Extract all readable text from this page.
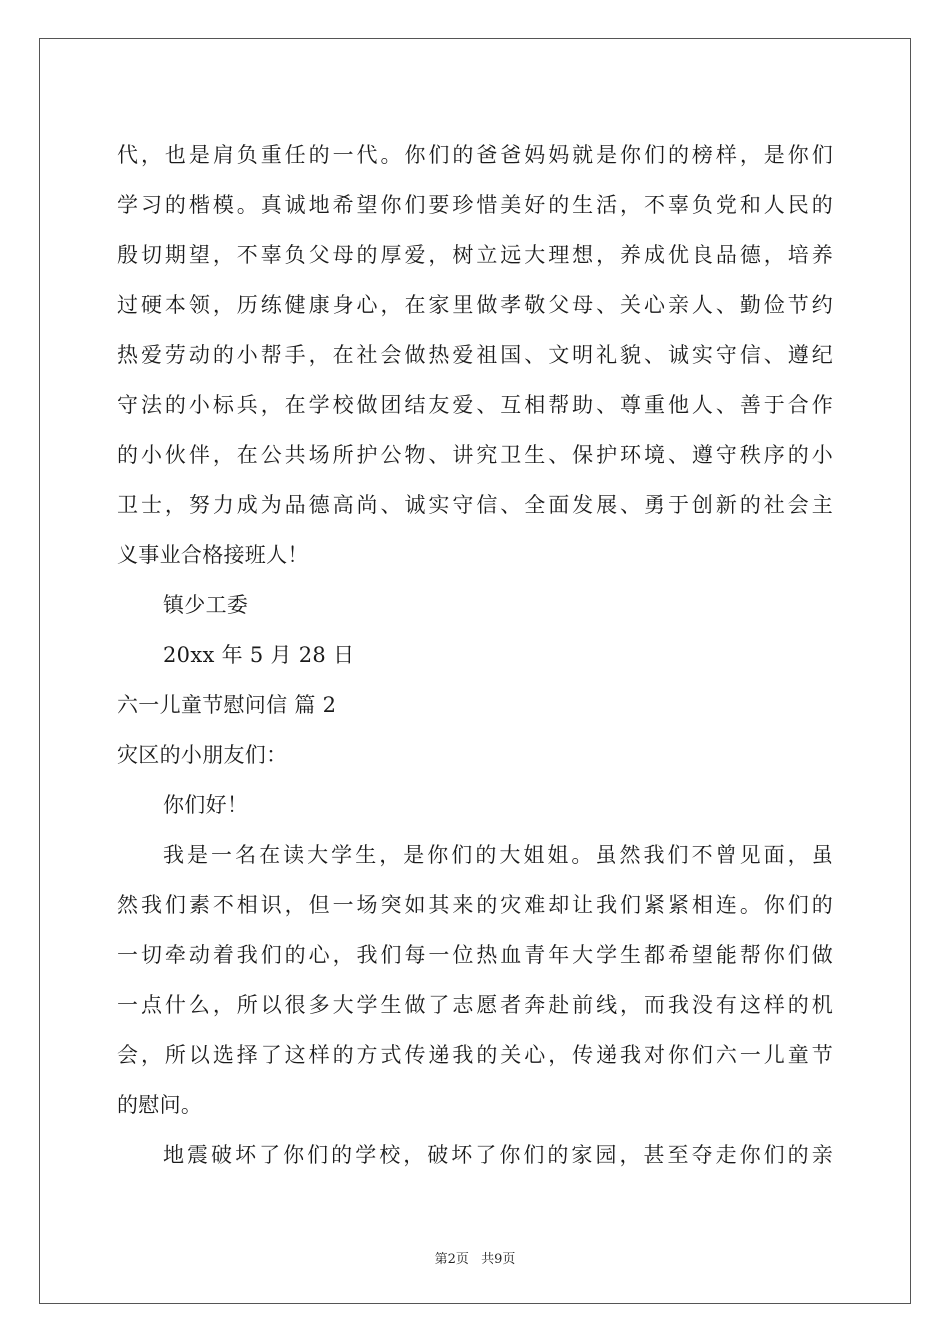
代，也是肩负重任的一代。你们的爸爸妈妈就是你们的榜样，是你们
学习的楷模。真诚地希望你们要珍惜美好的生活，不辜负党和人民的
殷切期望，不辜负父母的厚爱，树立远大理想，养成优良品德，培养
过硬本领，历练健康身心，在家里做孝敬父母、关心亲人、勤俭节约
热爱劳动的小帮手，在社会做热爱祖国、文明礼貌、诚实守信、遵纪
守法的小标兵，在学校做团结友爱、互相帮助、尊重他人、善于合作
的小伙伴，在公共场所护公物、讲究卫生、保护环境、遵守秩序的小
卫士，努力成为品德高尚、诚实守信、全面发展、勇于创新的社会主
义事业合格接班人！
镇少工委
20xx 年 5 月 28 日
六一儿童节慰问信 篇 2
灾区的小朋友们：
你们好！
我是一名在读大学生，是你们的大姐姐。虽然我们不曾见面，虽
然我们素不相识，但一场突如其来的灾难却让我们紧紧相连。你们的
一切牵动着我们的心，我们每一位热血青年大学生都希望能帮你们做
一点什么，所以很多大学生做了志愿者奔赴前线，而我没有这样的机
会，所以选择了这样的方式传递我的关心，传递我对你们六一儿童节
的慰问。
地震破坏了你们的学校，破坏了你们的家园，甚至夺走你们的亲
第2页 共9页
